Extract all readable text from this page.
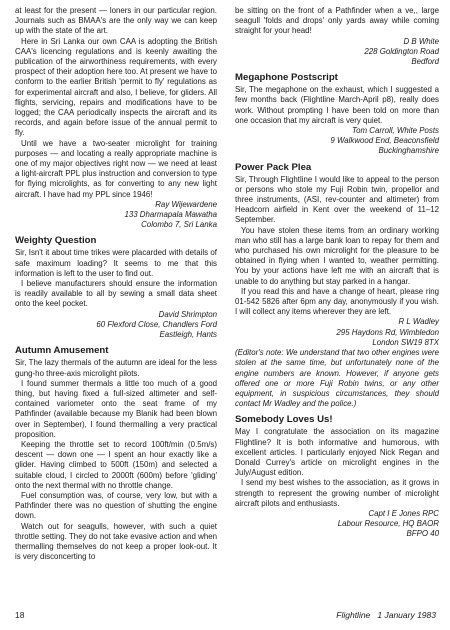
at least for the present — loners in our particular region. Journals such as BMAA's are the only way we can keep up with the state of the art.

Here in Sri Lanka our own CAA is adopting the British CAA's licencing regulations and is keenly awaiting the publication of the airworthiness requirements, with every prospect of their adoption here too. At present we have to conform to the earlier British 'permit to fly' regulations as for experimental aircraft and also, I believe, for gliders. All flights, servicing, repairs and modifications have to be logged; the CAA periodically inspects the aircraft and its records, and again before issue of the annual permit to fly.

Until we have a two-seater microlight for training purposes — and locating a really appropriate machine is one of my major objectives right now — we need at least a light-aircraft PPL plus instruction and conversion to type for flying microlights, as for converting to any new light aircraft. I have had my PPL since 1946!

Ray Wijewardene
133 Dharmapala Mawatha
Colombo 7, Sri Lanka
Weighty Question

Sir, Isn't it about time trikes were placarded with details of safe maximum loading? It seems to me that this information is left to the user to find out.

I believe manufacturers should ensure the information is readily available to all by sewing a small data sheet onto the keel pocket.

David Shrimpton
60 Flexford Close, Chandlers Ford
Eastleigh, Hants
Autumn Amusement

Sir, The lazy thermals of the autumn are ideal for the less gung-ho three-axis microlight pilots.

I found summer thermals a little too much of a good thing, but having fixed a full-sized altimeter and self-contained variometer onto the seat frame of my Pathfinder (available because my Blanik had been blown over in September), I found thermalling a very practical proposition.

Keeping the throttle set to record 100ft/min (0.5m/s) descent — down one — I spent an hour exactly like a glider. Having climbed to 500ft (150m) and selected a suitable cloud, I circled to 2000ft (600m) before 'gliding' onto the next thermal with no throttle change.

Fuel consumption was, of course, very low, but with a Pathfinder there was no question of shutting the engine down.

Watch out for seagulls, however, with such a quiet throttle setting. They do not take evasive action and when thermalling themselves do not keep a proper look-out. It is very disconcerting to

be sitting on the front of a Pathfinder when a ve,, large seagull 'folds and drops' only yards away while coming straight for your head!

D B White
228 Goldington Road
Bedford
Megaphone Postscript

Sir, The megaphone on the exhaust, which I suggested a few months back (Flightline March-April p8), really does work. Without prompting I have been told on more than one occasion that my aircraft is very quiet.

Tom Carroll, White Posts
9 Walkwood End, Beaconsfield
Buckinghamshire
Power Pack Plea

Sir, Through Flightline I would like to appeal to the person or persons who stole my Fuji Robin twin, propellor and three instruments, (ASI, rev-counter and altimeter) from Headcorn airfield in Kent over the weekend of 11–12 September.

You have stolen these items from an ordinary working man who still has a large bank loan to repay for them and who purchased his own microlight for the pleasure to be obtained in flying when I wanted to, weather permitting. You by your actions have left me with an aircraft that is unable to do anything but stay parked in a hangar.

If you read this and have a change of heart, please ring 01-542 5826 after 6pm any day, anonymously if you wish. I will collect any items wherever they are left.

R L Wadley
295 Haydons Rd, Wimbledon
London SW19 8TX

(Editor's note: We understand that two other engines were stolen at the same time, but unfortunately none of the engine numbers are known. However, if anyone gets offered one or more Fuji Robin twins, or any other equipment, in suspicious circumstances, they should contact Mr Wadley and the police.)

Somebody Loves Us!

May I congratulate the association on its magazine Flightline? It is both informative and humorous, with excellent articles. I particularly enjoyed Nick Regan and Donald Currey's article on microlight engines in the July/August edition.

I send my best wishes to the association, as it grows in strength to represent the growing number of microlight aircraft pilots and enthusiasts.

Capt I E Jones RPC
Labour Resource, HQ BAOR
BFPO 40
18	Flightline 1 January 1983
